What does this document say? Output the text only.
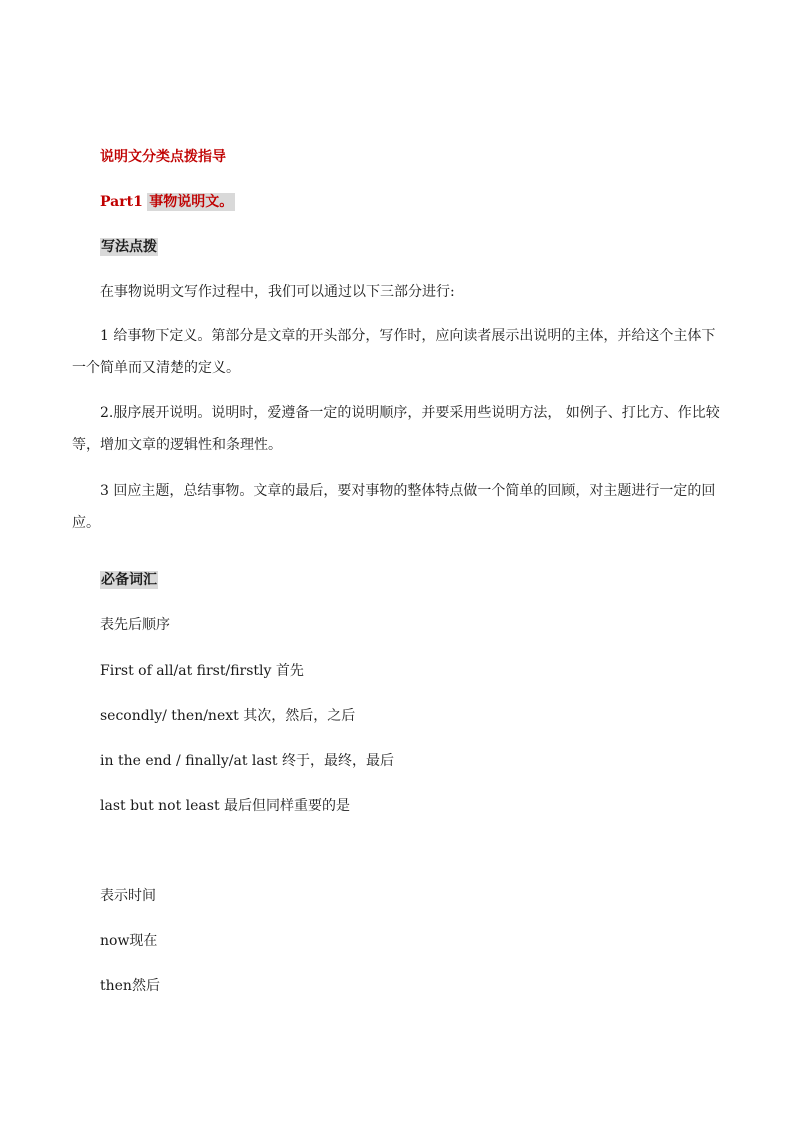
说明文分类点拨指导
Part1 事物说明文。
写法点拨
在事物说明文写作过程中，我们可以通过以下三部分进行:
1 给事物下定义。第部分是文章的开头部分，写作时，应向读者展示出说明的主体，并给这个主体下一个简单而又清楚的定义。
2.服序展开说明。说明时，爱遵备一定的说明顺序，并要采用些说明方法， 如例子、打比方、作比较等，增加文章的逻辑性和条理性。
3 回应主题，总结事物。文章的最后，要对事物的整体特点做一个简单的回顾，对主题进行一定的回应。
必备词汇
表先后顺序
First of all/at first/firstly 首先
secondly/ then/next 其次，然后，之后
in the end / finally/at last 终于，最终，最后
last but not least 最后但同样重要的是
表示时间
now现在
then然后
